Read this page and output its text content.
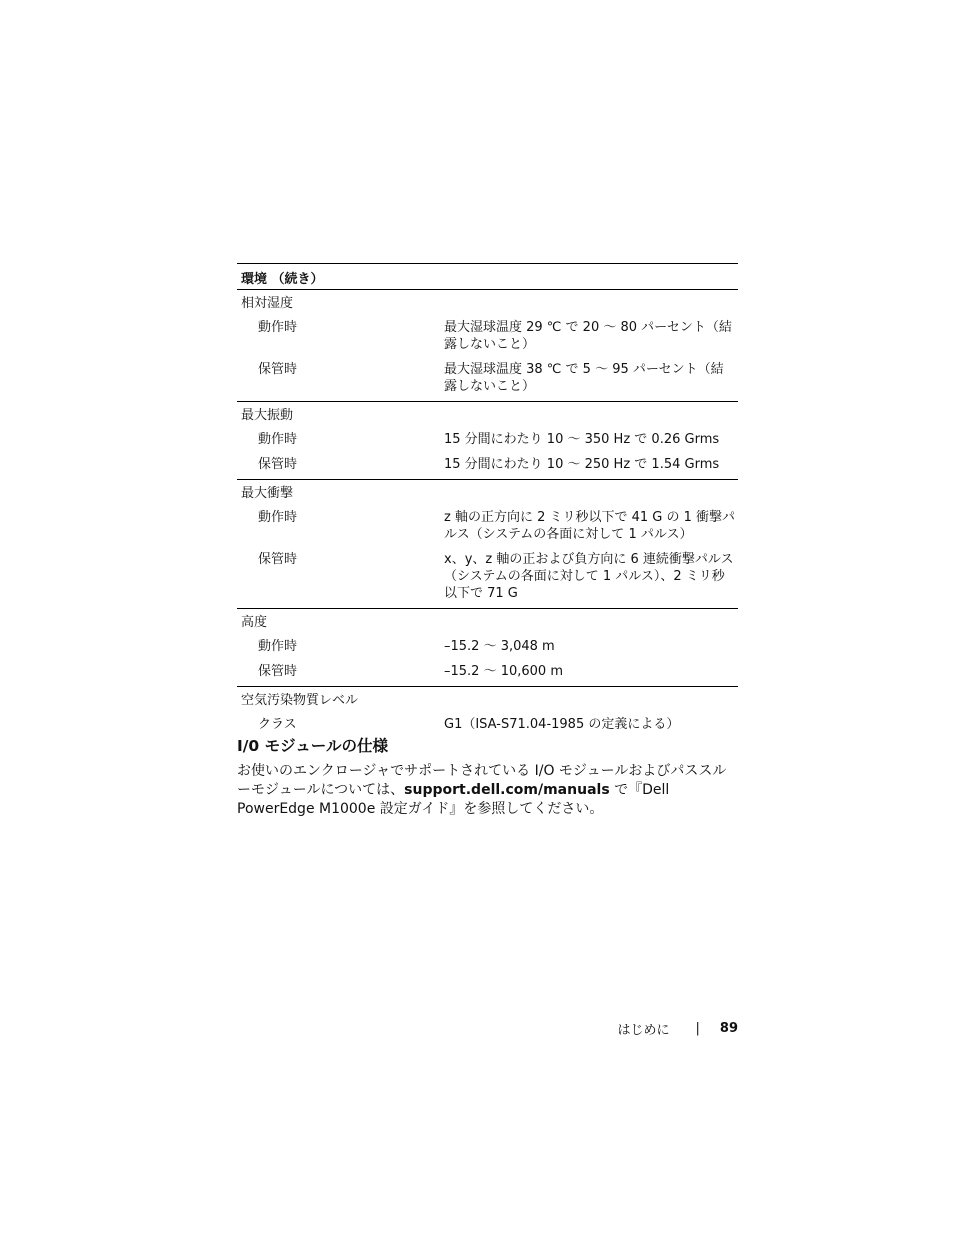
環境 （続き）
相対湿度
動作時	最大湿球温度 29 ℃ で 20 ～ 80 パーセント（結露しないこと）
保管時	最大湿球温度 38 ℃ で 5 ～ 95 パーセント（結露しないこと）
最大振動
動作時	15 分間にわたり 10 ～ 350 Hz で 0.26 Grms
保管時	15 分間にわたり 10 ～ 250 Hz で 1.54 Grms
最大衝撃
動作時	z 軸の正方向に 2 ミリ秒以下で 41 G の 1 衝撃パルス（システムの各面に対して 1 パルス）
保管時	x、y、z 軸の正および負方向に 6 連続衝撃パルス（システムの各面に対して 1 パルス）、2 ミリ秒以下で 71 G
高度
動作時	–15.2 ～ 3,048 m
保管時	–15.2 ～ 10,600 m
空気汚染物質レベル
クラス	G1（ISA-S71.04-1985 の定義による）
I/0 モジュールの仕様

お使いのエンクロージャでサポートされている I/O モジュールおよびパススルーモジュールについては、support.dell.com/manuals で『Dell PowerEdge M1000e 設定ガイド』を参照してください。

はじめに | 89
